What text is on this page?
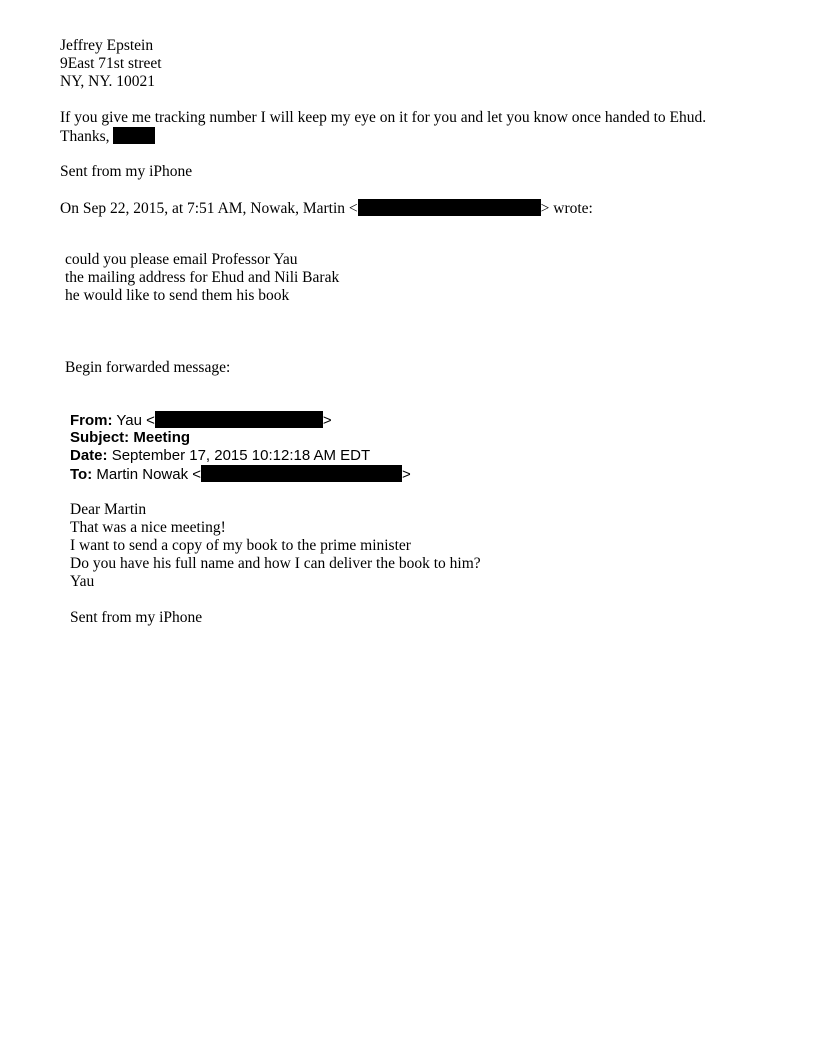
Jeffrey Epstein
9East 71st street
NY, NY. 10021
If you give me tracking number I will keep my eye on it for you and let you know once handed to Ehud.
Thanks,
Sent from my iPhone
On Sep 22, 2015, at 7:51 AM, Nowak, Martin <	> wrote:
could you please email Professor Yau
the mailing address for Ehud and Nili Barak
he would like to send them his book
Begin forwarded message:
From: Yau <	>
Subject: Meeting
Date: September 17, 2015 10:12:18 AM EDT
To: Martin Nowak <	>
Dear Martin
That was a nice meeting!
I want to send a copy of my book to the prime minister
Do you have his full name and how I can deliver the book to him?
Yau
Sent from my iPhone
